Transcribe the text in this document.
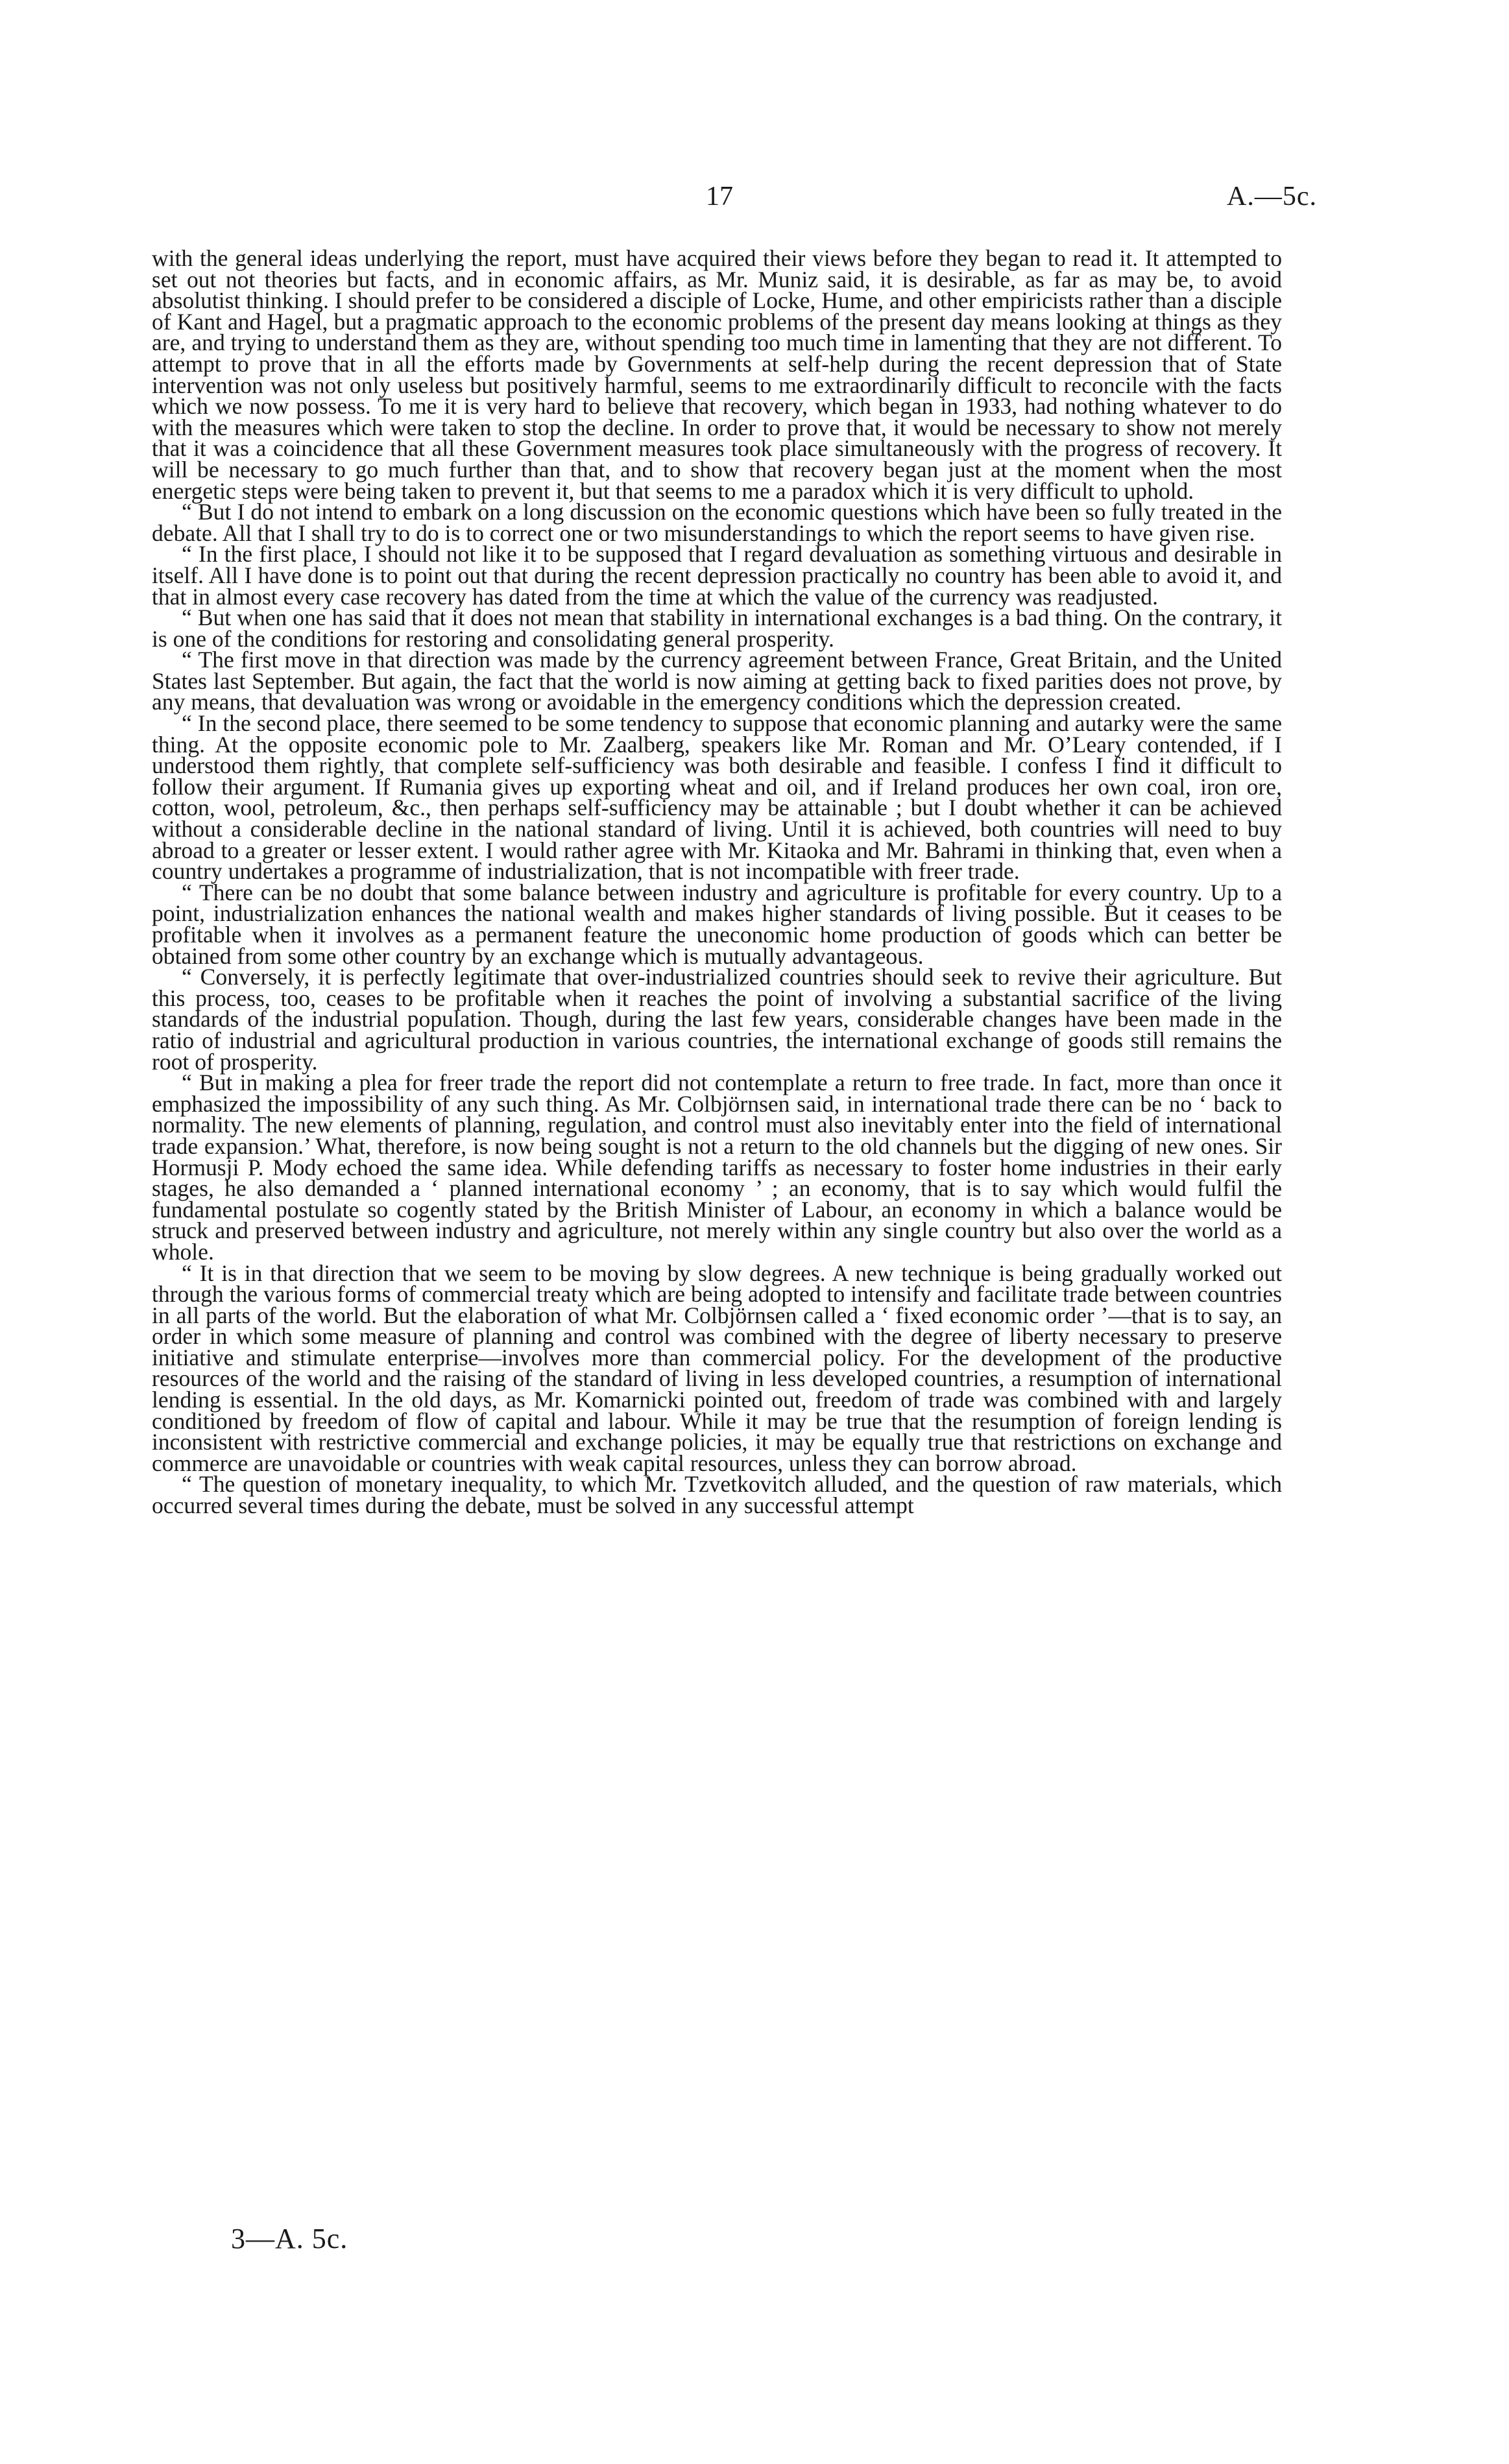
17	A.—5c.

with the general ideas underlying the report, must have acquired their views before they began to read it. It attempted to set out not theories but facts, and in economic affairs, as Mr. Muniz said, it is desirable, as far as may be, to avoid absolutist thinking. I should prefer to be considered a disciple of Locke, Hume, and other empiricists rather than a disciple of Kant and Hagel, but a pragmatic approach to the economic problems of the present day means looking at things as they are, and trying to understand them as they are, without spending too much time in lamenting that they are not different. To attempt to prove that in all the efforts made by Governments at self-help during the recent depression that of State intervention was not only useless but positively harmful, seems to me extraordinarily difficult to reconcile with the facts which we now possess. To me it is very hard to believe that recovery, which began in 1933, had nothing whatever to do with the measures which were taken to stop the decline. In order to prove that, it would be necessary to show not merely that it was a coincidence that all these Government measures took place simultaneously with the progress of recovery. It will be necessary to go much further than that, and to show that recovery began just at the moment when the most energetic steps were being taken to prevent it, but that seems to me a paradox which it is very difficult to uphold.

“ But I do not intend to embark on a long discussion on the economic questions which have been so fully treated in the debate. All that I shall try to do is to correct one or two misunderstandings to which the report seems to have given rise.

“ In the first place, I should not like it to be supposed that I regard devaluation as something virtuous and desirable in itself. All I have done is to point out that during the recent depression practically no country has been able to avoid it, and that in almost every case recovery has dated from the time at which the value of the currency was readjusted.

“ But when one has said that it does not mean that stability in international exchanges is a bad thing. On the contrary, it is one of the conditions for restoring and consolidating general prosperity.

“ The first move in that direction was made by the currency agreement between France, Great Britain, and the United States last September. But again, the fact that the world is now aiming at getting back to fixed parities does not prove, by any means, that devaluation was wrong or avoidable in the emergency conditions which the depression created.

“ In the second place, there seemed to be some tendency to suppose that economic planning and autarky were the same thing. At the opposite economic pole to Mr. Zaalberg, speakers like Mr. Roman and Mr. O’Leary contended, if I understood them rightly, that complete self-sufficiency was both desirable and feasible. I confess I find it difficult to follow their argument. If Rumania gives up exporting wheat and oil, and if Ireland produces her own coal, iron ore, cotton, wool, petroleum, &c., then perhaps self-sufficiency may be attainable ; but I doubt whether it can be achieved without a considerable decline in the national standard of living. Until it is achieved, both countries will need to buy abroad to a greater or lesser extent. I would rather agree with Mr. Kitaoka and Mr. Bahrami in thinking that, even when a country undertakes a programme of industrialization, that is not incompatible with freer trade.

“ There can be no doubt that some balance between industry and agriculture is profitable for every country. Up to a point, industrialization enhances the national wealth and makes higher standards of living possible. But it ceases to be profitable when it involves as a permanent feature the uneconomic home production of goods which can better be obtained from some other country by an exchange which is mutually advantageous.

“ Conversely, it is perfectly legitimate that over-industrialized countries should seek to revive their agriculture. But this process, too, ceases to be profitable when it reaches the point of involving a substantial sacrifice of the living standards of the industrial population. Though, during the last few years, considerable changes have been made in the ratio of industrial and agricultural production in various countries, the international exchange of goods still remains the root of prosperity.

“ But in making a plea for freer trade the report did not contemplate a return to free trade. In fact, more than once it emphasized the impossibility of any such thing. As Mr. Colbjörnsen said, in international trade there can be no ‘ back to normality. The new elements of planning, regulation, and control must also inevitably enter into the field of international trade expansion.’ What, therefore, is now being sought is not a return to the old channels but the digging of new ones. Sir Hormusji P. Mody echoed the same idea. While defending tariffs as necessary to foster home industries in their early stages, he also demanded a ‘ planned international economy ’ ; an economy, that is to say which would fulfil the fundamental postulate so cogently stated by the British Minister of Labour, an economy in which a balance would be struck and preserved between industry and agriculture, not merely within any single country but also over the world as a whole.

“ It is in that direction that we seem to be moving by slow degrees. A new technique is being gradually worked out through the various forms of commercial treaty which are being adopted to intensify and facilitate trade between countries in all parts of the world. But the elaboration of what Mr. Colbjörnsen called a ‘ fixed economic order ’—that is to say, an order in which some measure of planning and control was combined with the degree of liberty necessary to preserve initiative and stimulate enterprise—involves more than commercial policy. For the development of the productive resources of the world and the raising of the standard of living in less developed countries, a resumption of international lending is essential. In the old days, as Mr. Komarnicki pointed out, freedom of trade was combined with and largely conditioned by freedom of flow of capital and labour. While it may be true that the resumption of foreign lending is inconsistent with restrictive commercial and exchange policies, it may be equally true that restrictions on exchange and commerce are unavoidable or countries with weak capital resources, unless they can borrow abroad.

“ The question of monetary inequality, to which Mr. Tzvetkovitch alluded, and the question of raw materials, which occurred several times during the debate, must be solved in any successful attempt

3—A. 5c.
